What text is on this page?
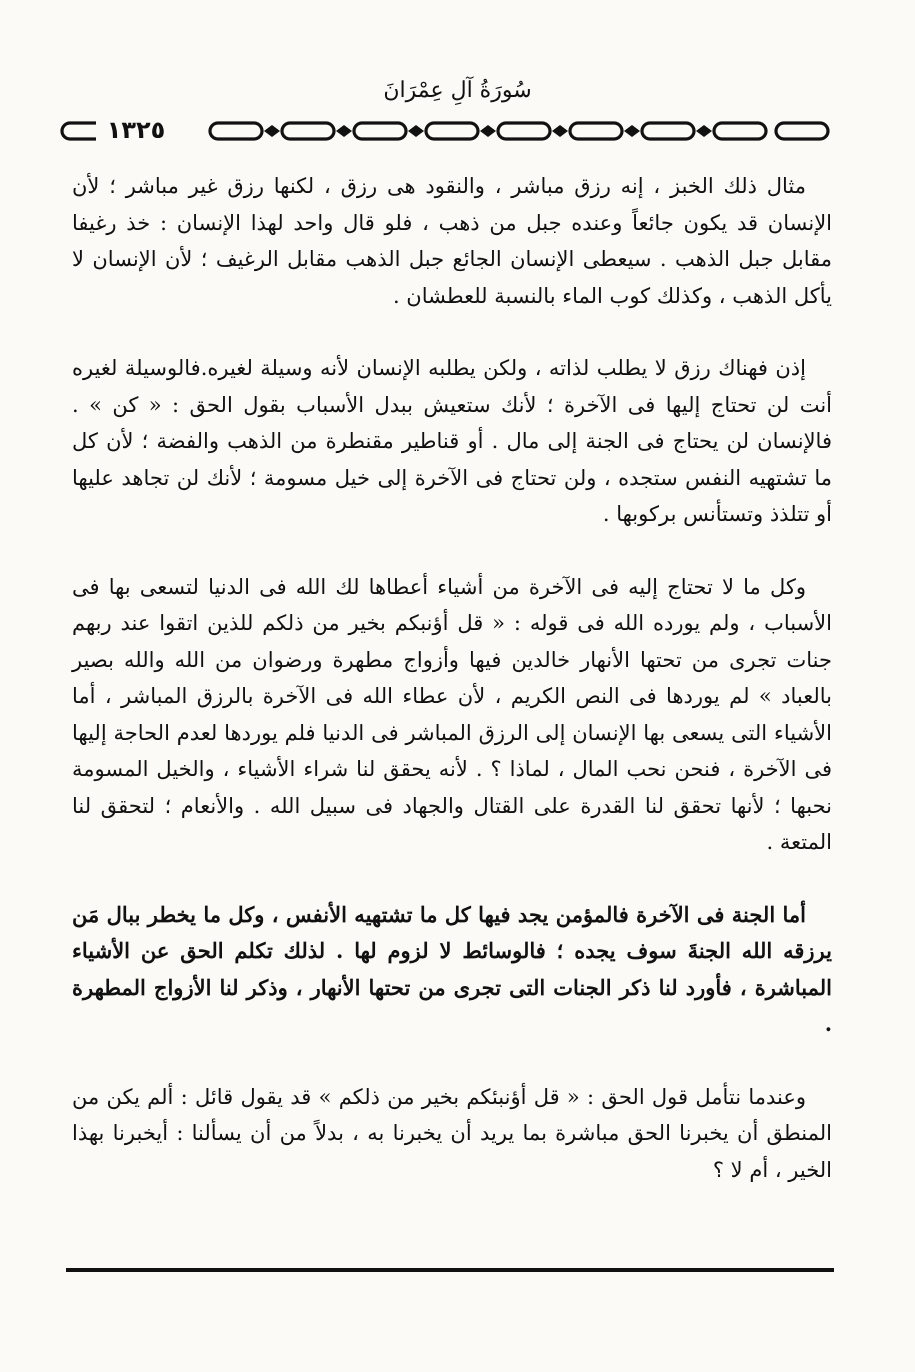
سُورَةُ آلِ عِمْرَانَ
١٣٢٥

مثال ذلك الخبز ، إنه رزق مباشر ، والنقود هى رزق ، لكنها رزق غير مباشر ؛ لأن الإنسان قد يكون جائعاً وعنده جبل من ذهب ، فلو قال واحد لهذا الإنسان : خذ رغيفا مقابل جبل الذهب . سيعطى الإنسان الجائع جبل الذهب مقابل الرغيف ؛ لأن الإنسان لا يأكل الذهب ، وكذلك كوب الماء بالنسبة للعطشان .

إذن فهناك رزق لا يطلب لذاته ، ولكن يطلبه الإنسان لأنه وسيلة لغيره.فالوسيلة لغيره أنت لن تحتاج إليها فى الآخرة ؛ لأنك ستعيش ببدل الأسباب بقول الحق : « كن » . فالإنسان لن يحتاج فى الجنة إلى مال . أو قناطير مقنطرة من الذهب والفضة ؛ لأن كل ما تشتهيه النفس ستجده ، ولن تحتاج فى الآخرة إلى خيل مسومة ؛ لأنك لن تجاهد عليها أو تتلذذ وتستأنس بركوبها .

وكل ما لا تحتاج إليه فى الآخرة من أشياء أعطاها لك الله فى الدنيا لتسعى بها فى الأسباب ، ولم يورده الله فى قوله : « قل أؤنبكم بخير من ذلكم للذين اتقوا عند ربهم جنات تجرى من تحتها الأنهار خالدين فيها وأزواج مطهرة ورضوان من الله والله بصير بالعباد » لم يوردها فى النص الكريم ، لأن عطاء الله فى الآخرة بالرزق المباشر ، أما الأشياء التى يسعى بها الإنسان إلى الرزق المباشر فى الدنيا فلم يوردها لعدم الحاجة إليها فى الآخرة ، فنحن نحب المال ، لماذا ؟ . لأنه يحقق لنا شراء الأشياء ، والخيل المسومة نحبها ؛ لأنها تحقق لنا القدرة على القتال والجهاد فى سبيل الله . والأنعام ؛ لتحقق لنا المتعة .

أما الجنة فى الآخرة فالمؤمن يجد فيها كل ما تشتهيه الأنفس ، وكل ما يخطر ببال مَن يرزقه الله الجنةَ سوف يجده ؛ فالوسائط لا لزوم لها . لذلك تكلم الحق عن الأشياء المباشرة ، فأورد لنا ذكر الجنات التى تجرى من تحتها الأنهار ، وذكر لنا الأزواج المطهرة .

وعندما نتأمل قول الحق : « قل أؤنبئكم بخير من ذلكم » قد يقول قائل : ألم يكن من المنطق أن يخبرنا الحق مباشرة بما يريد أن يخبرنا به ، بدلاً من أن يسألنا : أيخبرنا بهذا الخير ، أم لا ؟
